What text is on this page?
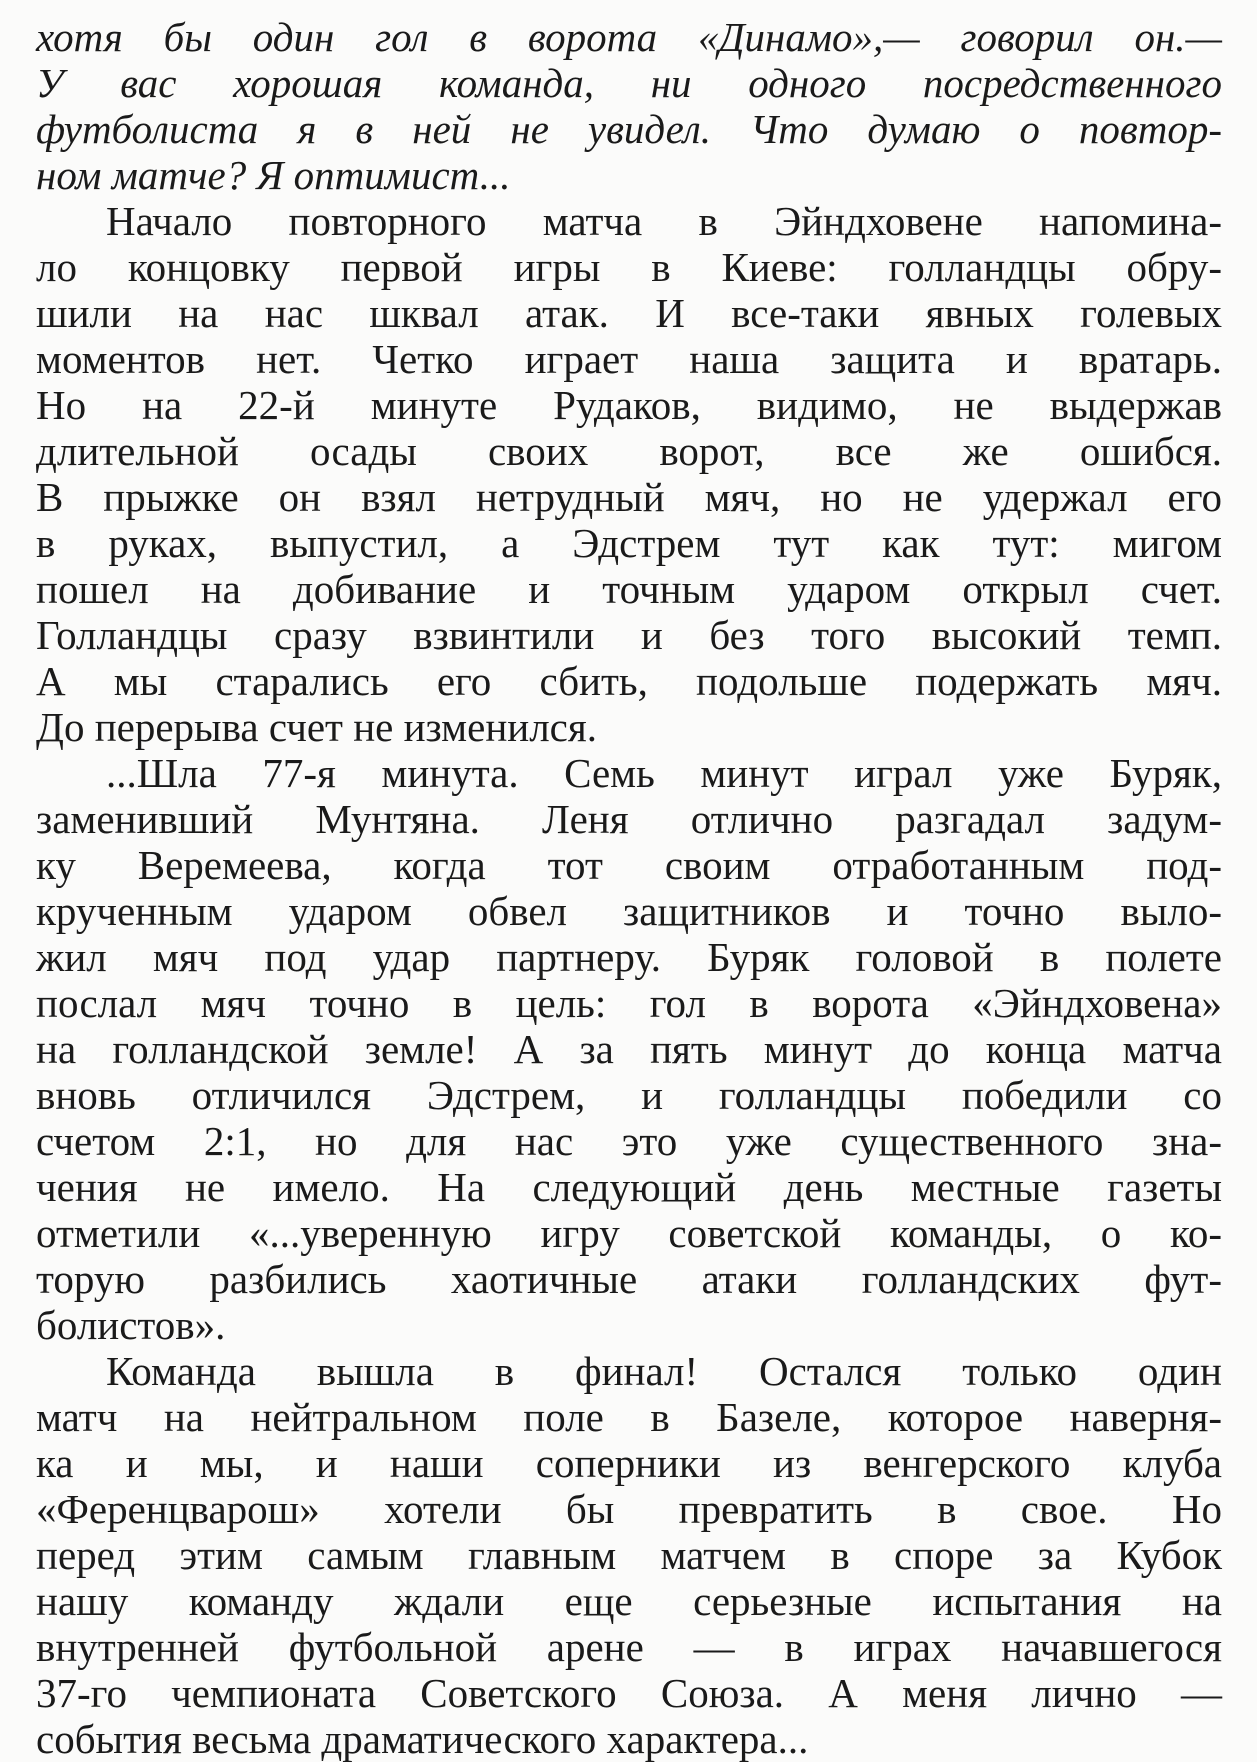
хотя бы один гол в ворота «Динамо»,— говорил он.—
У вас хорошая команда, ни одного посредственного
футболиста я в ней не увидел. Что думаю о повтор-
ном матче? Я оптимист...
Начало повторного матча в Эйндховене напомина-
ло концовку первой игры в Киеве: голландцы обру-
шили на нас шквал атак. И все-таки явных голевых
моментов нет. Четко играет наша защита и вратарь.
Но на 22-й минуте Рудаков, видимо, не выдержав
длительной осады своих ворот, все же ошибся.
В прыжке он взял нетрудный мяч, но не удержал его
в руках, выпустил, а Эдстрем тут как тут: мигом
пошел на добивание и точным ударом открыл счет.
Голландцы сразу взвинтили и без того высокий темп.
А мы старались его сбить, подольше подержать мяч.
До перерыва счет не изменился.
...Шла 77-я минута. Семь минут играл уже Буряк,
заменивший Мунтяна. Леня отлично разгадал задум-
ку Веремеева, когда тот своим отработанным под-
крученным ударом обвел защитников и точно выло-
жил мяч под удар партнеру. Буряк головой в полете
послал мяч точно в цель: гол в ворота «Эйндховена»
на голландской земле! А за пять минут до конца матча
вновь отличился Эдстрем, и голландцы победили со
счетом 2:1, но для нас это уже существенного зна-
чения не имело. На следующий день местные газеты
отметили «...уверенную игру советской команды, о ко-
торую разбились хаотичные атаки голландских фут-
болистов».
Команда вышла в финал! Остался только один
матч на нейтральном поле в Базеле, которое наверня-
ка и мы, и наши соперники из венгерского клуба
«Ференцварош» хотели бы превратить в свое. Но
перед этим самым главным матчем в споре за Кубок
нашу команду ждали еще серьезные испытания на
внутренней футбольной арене — в играх начавшегося
37-го чемпионата Советского Союза. А меня лично —
события весьма драматического характера...
